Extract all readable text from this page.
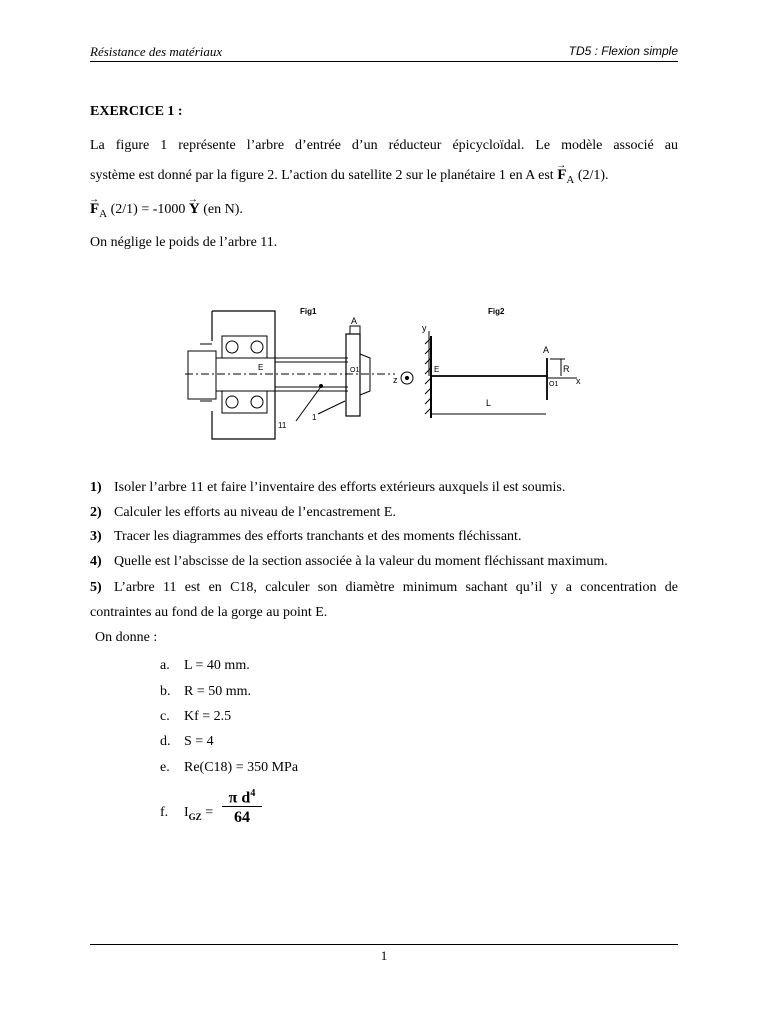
Résistance des matériaux	TD5 : Flexion simple
EXERCICE 1 :
La figure 1 représente l’arbre d’entrée d’un réducteur épicycloïdal. Le modèle associé au
système est donné par la figure 2. L’action du satellite 2 sur le planétaire 1 en A est → $F_A$ (2/1).
→ $F_A$ (2/1) = -1000 → Y (en N).
On néglige le poids de l’arbre 11.
Fig1
z
A
E	O1
11
1
Fig2
y
x
E
A
O1
R
L
1) Isoler l’arbre 11 et faire l’inventaire des efforts extérieurs auxquels il est soumis.
2) Calculer les efforts au niveau de l’encastrement E.
3) Tracer les diagrammes des efforts tranchants et des moments fléchissant.
4) Quelle est l’abscisse de la section associée à la valeur du moment fléchissant maximum.
5) L’arbre 11 est en C18, calculer son diamètre minimum sachant qu’il y a concentration de
contraintes au fond de la gorge au point E.
On donne :
a. L = 40 mm.
b. R = 50 mm.
c. Kf = 2.5
d. S = 4
e. Re(C18) = 350 MPa
f. $I_{GZ}$ =
π $d^4$
64
1
